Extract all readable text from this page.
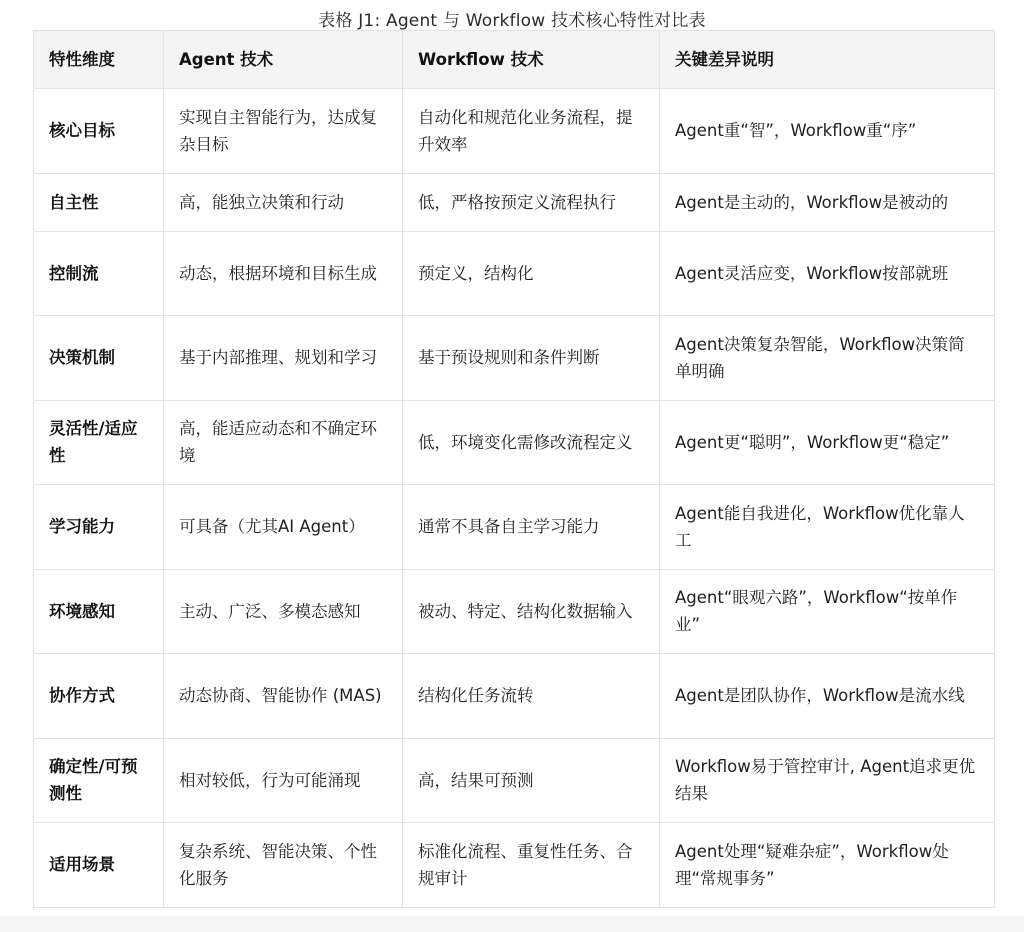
表格 J1: Agent 与 Workflow 技术核心特性对比表
特性维度	Agent 技术	Workflow 技术	关键差异说明
核心目标	实现自主智能行为，达成复杂目标	自动化和规范化业务流程，提升效率	Agent重“智”，Workflow重“序”
自主性	高，能独立决策和行动	低，严格按预定义流程执行	Agent是主动的，Workflow是被动的
控制流	动态，根据环境和目标生成	预定义，结构化	Agent灵活应变，Workflow按部就班
决策机制	基于内部推理、规划和学习	基于预设规则和条件判断	Agent决策复杂智能，Workflow决策简单明确
灵活性/适应性	高，能适应动态和不确定环境	低，环境变化需修改流程定义	Agent更“聪明”，Workflow更“稳定”
学习能力	可具备（尤其AI Agent）	通常不具备自主学习能力	Agent能自我进化，Workflow优化靠人工
环境感知	主动、广泛、多模态感知	被动、特定、结构化数据输入	Agent“眼观六路”，Workflow“按单作业”
协作方式	动态协商、智能协作 (MAS)	结构化任务流转	Agent是团队协作，Workflow是流水线
确定性/可预测性	相对较低，行为可能涌现	高，结果可预测	Workflow易于管控审计, Agent追求更优结果
适用场景	复杂系统、智能决策、个性化服务	标准化流程、重复性任务、合规审计	Agent处理“疑难杂症”，Workflow处理“常规事务”
